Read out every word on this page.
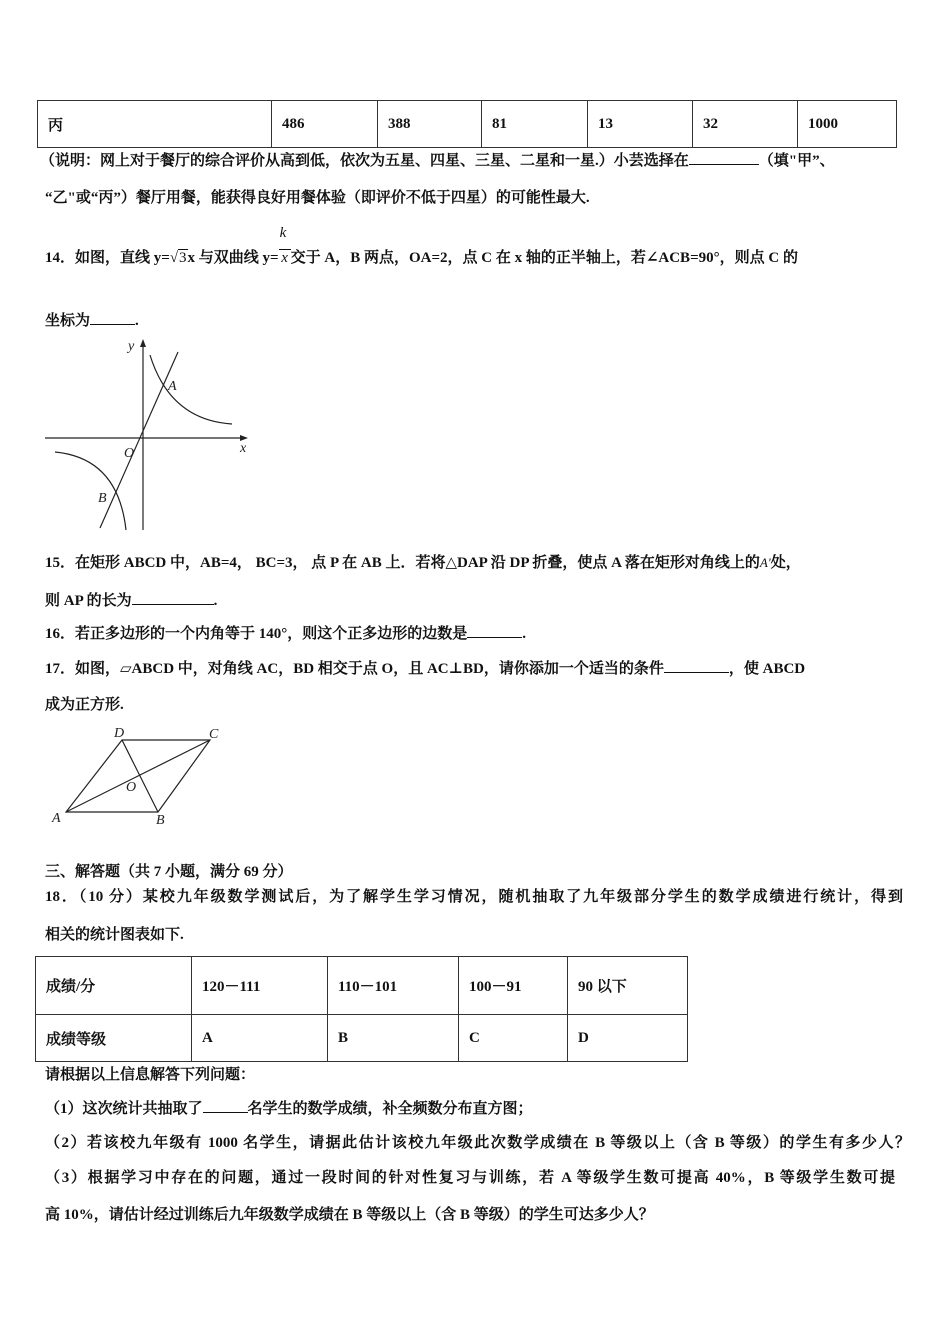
丙	486	388	81	13	32	1000
（说明：网上对于餐厅的综合评价从高到低，依次为五星、四星、三星、二星和一星.）小芸选择在	（填"甲”、
“乙"或“丙”）餐厅用餐，能获得良好用餐体验（即评价不低于四星）的可能性最大.
14．如图，直线 y=√3x 与双曲线 $y= \frac{k}{x}$ 交于 A，B 两点，OA=2，点 C 在 x 轴的正半轴上，若∠ACB=90°，则点 C 的
坐标为	.
y
x
O
A
B
15．在矩形 ABCD 中，AB=4， BC=3， 点 P 在 AB 上．若将△DAP 沿 DP 折叠，使点 A 落在矩形对角线上的A′处，
则 AP 的长为	.
16．若正多边形的一个内角等于 140°，则这个正多边形的边数是	.
17．如图，▱ABCD 中，对角线 AC，BD 相交于点 O，且 AC⊥BD，请你添加一个适当的条件	，使 ABCD
成为正方形.
A	B
C
D
O
三、解答题（共 7 小题，满分 69 分）
18．（10 分）某校九年级数学测试后，为了解学生学习情况，随机抽取了九年级部分学生的数学成绩进行统计，得到
相关的统计图表如下.
成绩/分	120－111	110－101	100－91	90 以下
成绩等级	A	B	C	D
请根据以上信息解答下列问题：
（1）这次统计共抽取了	名学生的数学成绩，补全频数分布直方图；
（2）若该校九年级有 1000 名学生，请据此估计该校九年级此次数学成绩在 B 等级以上（含 B 等级）的学生有多少人？
（3）根据学习中存在的问题，通过一段时间的针对性复习与训练，若 A 等级学生数可提高 40%，B 等级学生数可提
高 10%，请估计经过训练后九年级数学成绩在 B 等级以上（含 B 等级）的学生可达多少人？
